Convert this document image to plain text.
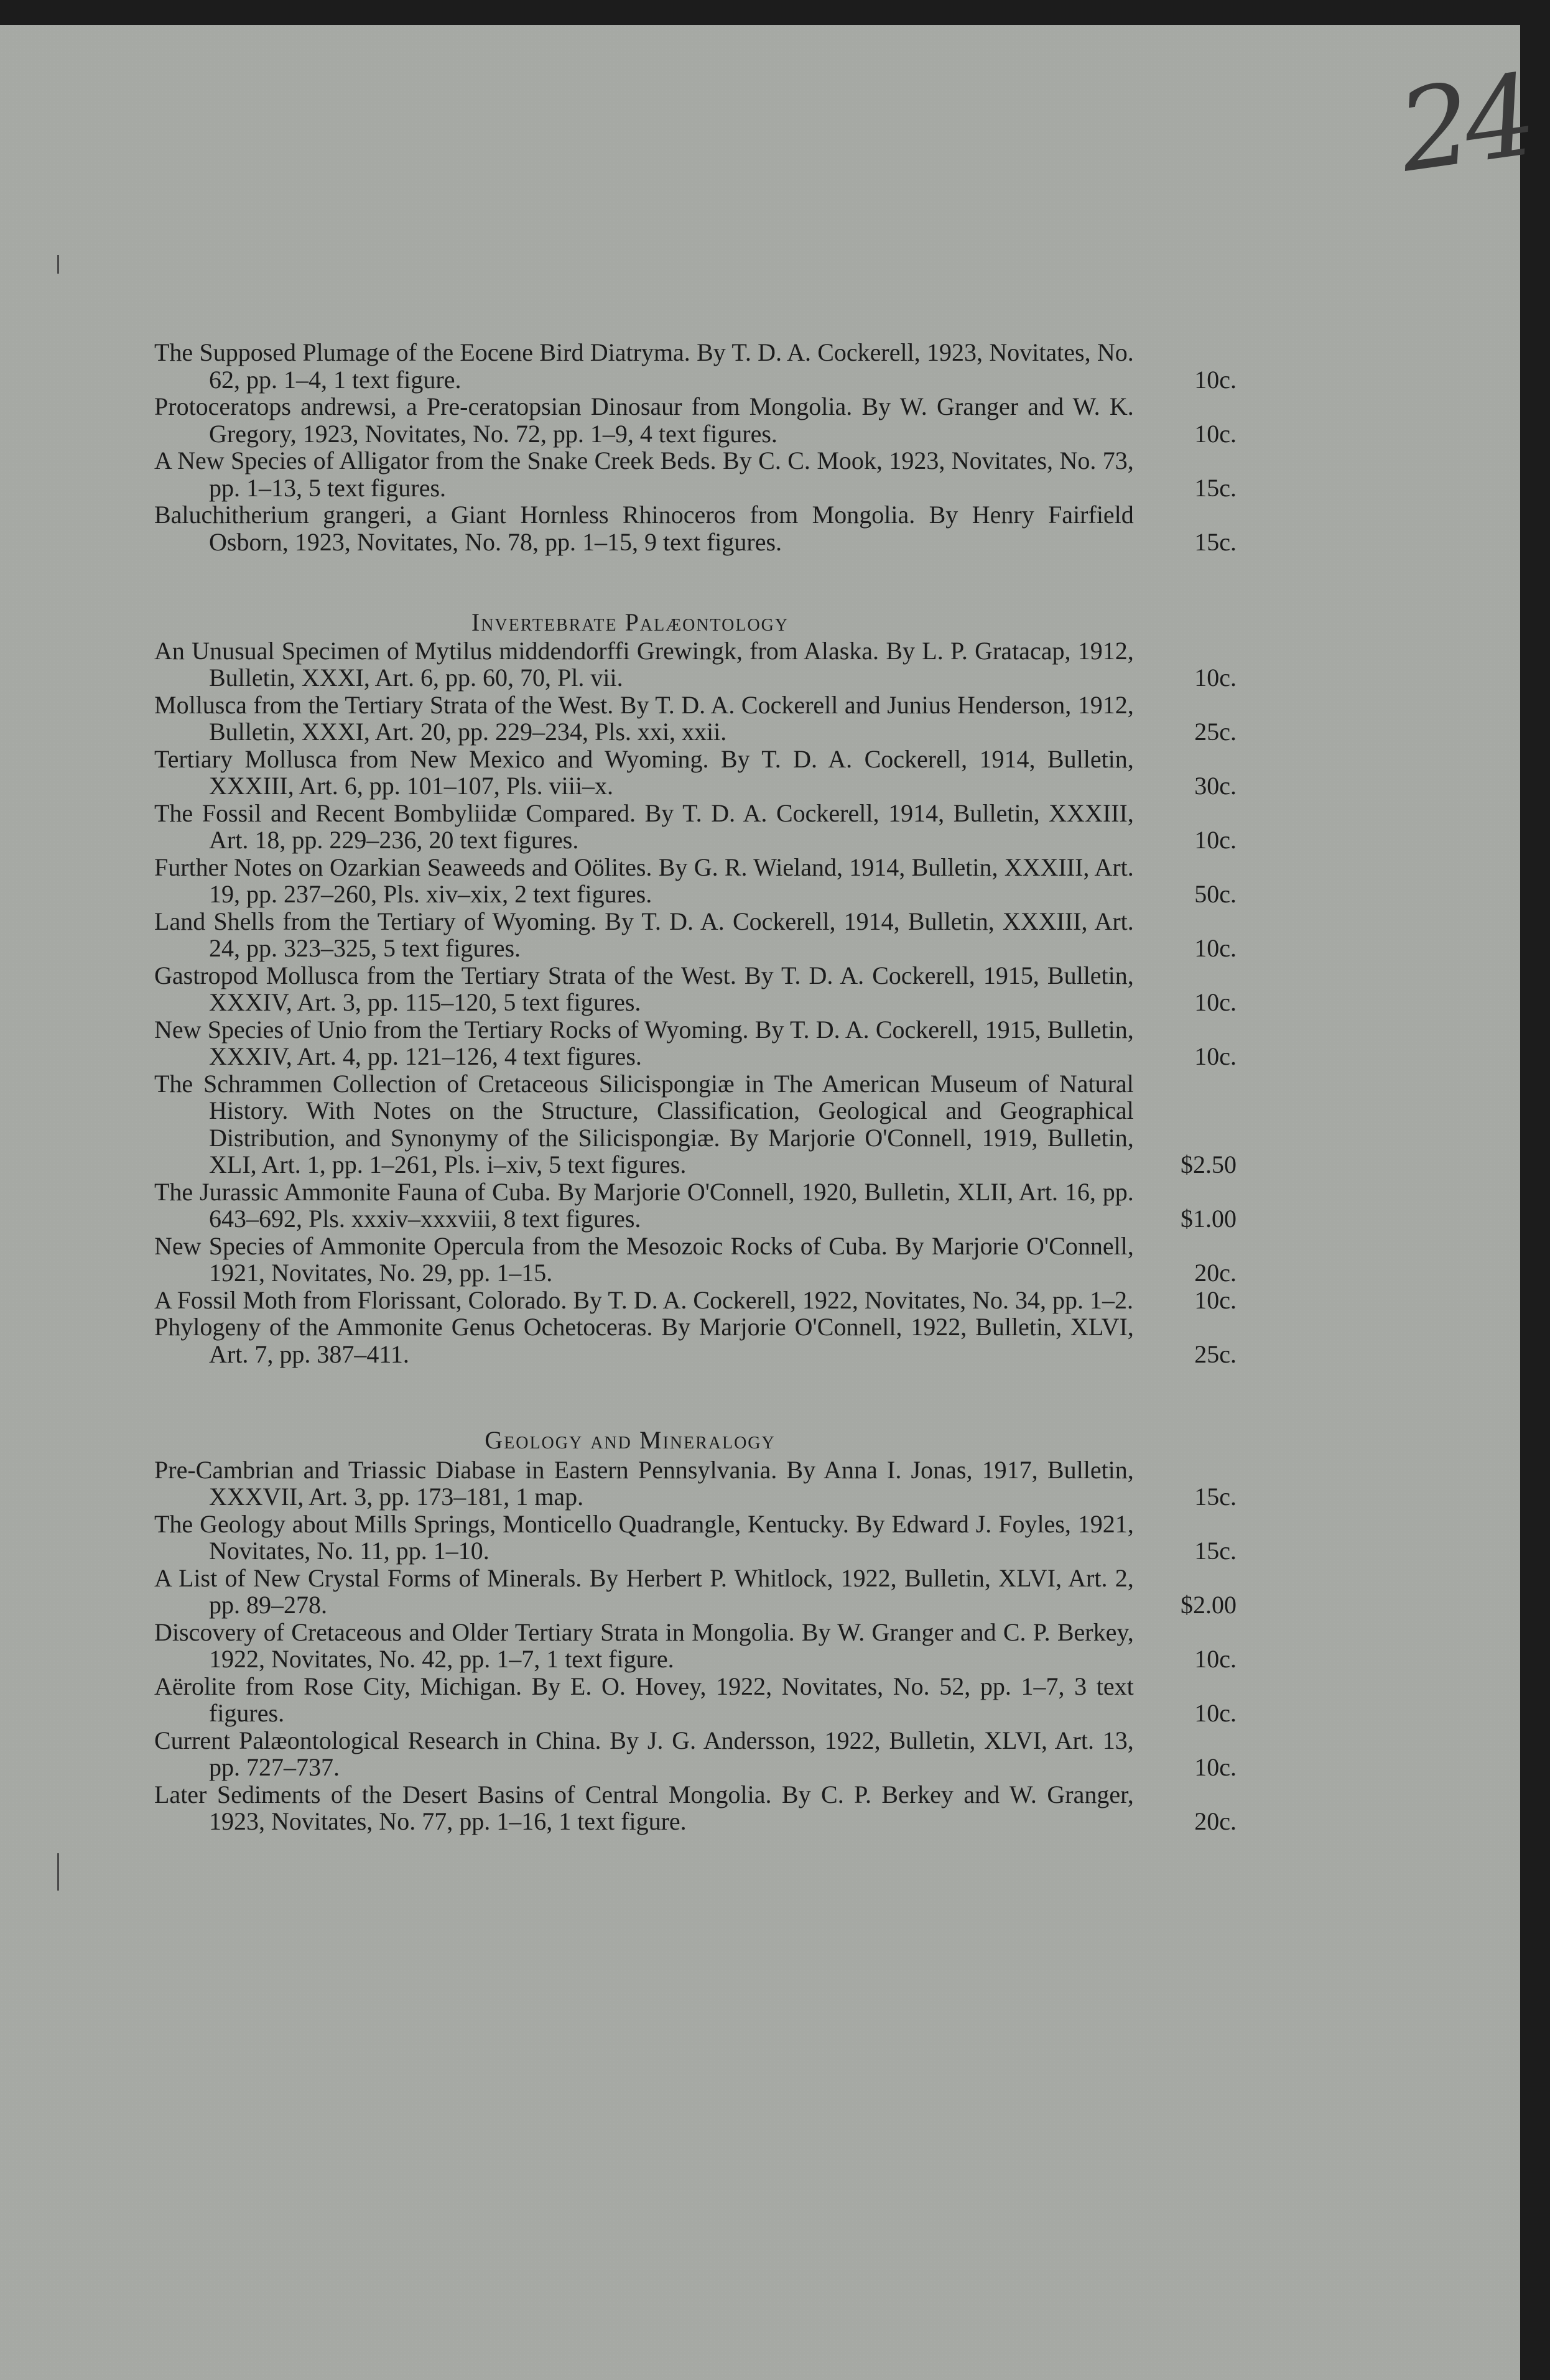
24
The Supposed Plumage of the Eocene Bird Diatryma. By T. D. A. Cockerell, 1923, Novitates, No. 62, pp. 1–4, 1 text figure.	10c.
Protoceratops andrewsi, a Pre-ceratopsian Dinosaur from Mongolia. By W. Granger and W. K. Gregory, 1923, Novitates, No. 72, pp. 1–9, 4 text figures.	10c.
A New Species of Alligator from the Snake Creek Beds. By C. C. Mook, 1923, Novitates, No. 73, pp. 1–13, 5 text figures.	15c.
Baluchitherium grangeri, a Giant Hornless Rhinoceros from Mongolia. By Henry Fairfield Osborn, 1923, Novitates, No. 78, pp. 1–15, 9 text figures.	15c.
Invertebrate Palæontology
An Unusual Specimen of Mytilus middendorffi Grewingk, from Alaska. By L. P. Gratacap, 1912, Bulletin, XXXI, Art. 6, pp. 60, 70, Pl. vii.	10c.
Mollusca from the Tertiary Strata of the West. By T. D. A. Cockerell and Junius Henderson, 1912, Bulletin, XXXI, Art. 20, pp. 229–234, Pls. xxi, xxii.	25c.
Tertiary Mollusca from New Mexico and Wyoming. By T. D. A. Cockerell, 1914, Bulletin, XXXIII, Art. 6, pp. 101–107, Pls. viii–x.	30c.
The Fossil and Recent Bombyliidæ Compared. By T. D. A. Cockerell, 1914, Bulletin, XXXIII, Art. 18, pp. 229–236, 20 text figures.	10c.
Further Notes on Ozarkian Seaweeds and Oölites. By G. R. Wieland, 1914, Bulletin, XXXIII, Art. 19, pp. 237–260, Pls. xiv–xix, 2 text figures.	50c.
Land Shells from the Tertiary of Wyoming. By T. D. A. Cockerell, 1914, Bulletin, XXXIII, Art. 24, pp. 323–325, 5 text figures.	10c.
Gastropod Mollusca from the Tertiary Strata of the West. By T. D. A. Cockerell, 1915, Bulletin, XXXIV, Art. 3, pp. 115–120, 5 text figures.	10c.
New Species of Unio from the Tertiary Rocks of Wyoming. By T. D. A. Cockerell, 1915, Bulletin, XXXIV, Art. 4, pp. 121–126, 4 text figures.	10c.
The Schrammen Collection of Cretaceous Silicispongiæ in The American Museum of Natural History. With Notes on the Structure, Classification, Geological and Geographical Distribution, and Synonymy of the Silicispongiæ. By Marjorie O'Connell, 1919, Bulletin, XLI, Art. 1, pp. 1–261, Pls. i–xiv, 5 text figures.	$2.50
The Jurassic Ammonite Fauna of Cuba. By Marjorie O'Connell, 1920, Bulletin, XLII, Art. 16, pp. 643–692, Pls. xxxiv–xxxviii, 8 text figures.	$1.00
New Species of Ammonite Opercula from the Mesozoic Rocks of Cuba. By Marjorie O'Connell, 1921, Novitates, No. 29, pp. 1–15.	20c.
A Fossil Moth from Florissant, Colorado. By T. D. A. Cockerell, 1922, Novitates, No. 34, pp. 1–2.	10c.
Phylogeny of the Ammonite Genus Ochetoceras. By Marjorie O'Connell, 1922, Bulletin, XLVI, Art. 7, pp. 387–411.	25c.
Geology and Mineralogy
Pre-Cambrian and Triassic Diabase in Eastern Pennsylvania. By Anna I. Jonas, 1917, Bulletin, XXXVII, Art. 3, pp. 173–181, 1 map.	15c.
The Geology about Mills Springs, Monticello Quadrangle, Kentucky. By Edward J. Foyles, 1921, Novitates, No. 11, pp. 1–10.	15c.
A List of New Crystal Forms of Minerals. By Herbert P. Whitlock, 1922, Bulletin, XLVI, Art. 2, pp. 89–278.	$2.00
Discovery of Cretaceous and Older Tertiary Strata in Mongolia. By W. Granger and C. P. Berkey, 1922, Novitates, No. 42, pp. 1–7, 1 text figure.	10c.
Aërolite from Rose City, Michigan. By E. O. Hovey, 1922, Novitates, No. 52, pp. 1–7, 3 text figures.	10c.
Current Palæontological Research in China. By J. G. Andersson, 1922, Bulletin, XLVI, Art. 13, pp. 727–737.	10c.
Later Sediments of the Desert Basins of Central Mongolia. By C. P. Berkey and W. Granger, 1923, Novitates, No. 77, pp. 1–16, 1 text figure.	20c.
